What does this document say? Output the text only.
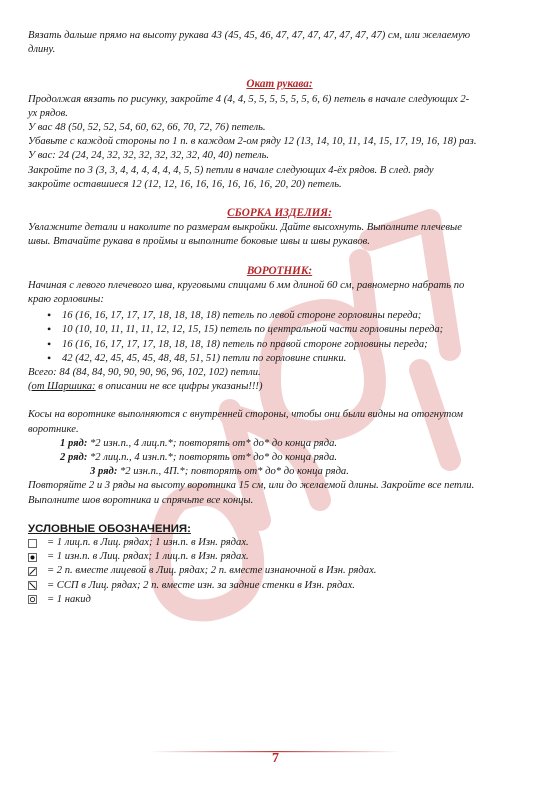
Вязать дальше прямо на высоту рукава 43 (45, 45, 46, 47, 47, 47, 47, 47, 47, 47) см, или желаемую

длину.

Окат рукава:

Продолжая вязать по рисунку, закройте 4 (4, 4, 5, 5, 5, 5, 5, 5, 6, 6) петель в начале следующих 2-

ух рядов.

У вас 48 (50, 52, 52, 54, 60, 62, 66, 70, 72, 76) петель.

Убавьте с каждой стороны по 1 п. в каждом 2-ом ряду 12 (13, 14, 10, 11, 14, 15, 17, 19, 16, 18) раз.

У вас: 24 (24, 24, 32, 32, 32, 32, 32, 32, 40, 40) петель.

Закройте по 3 (3, 3, 4, 4, 4, 4, 4, 4, 5, 5) петли в начале следующих 4-ёх рядов. В след. ряду

закройте оставшиеся 12 (12, 12, 16, 16, 16, 16, 16, 16, 20, 20) петель.

СБОРКА ИЗДЕЛИЯ:

Увлажните детали и наколите по размерам выкройки. Дайте высохнуть. Выполните плечевые

швы. Втачайте рукава в проймы и выполните боковые швы и швы рукавов.

ВОРОТНИК:

Начиная с левого плечевого шва, круговыми спицами 6 мм длиной 60 см, равномерно набрать по

краю горловины:

• 16 (16, 16, 17, 17, 17, 18, 18, 18, 18) петель по левой стороне горловины переда;
• 10 (10, 10, 11, 11, 11, 12, 12, 15, 15) петель по центральной части горловины переда;
• 16 (16, 16, 17, 17, 17, 18, 18, 18, 18) петель по правой стороне горловины переда;
• 42 (42, 42, 45, 45, 45, 48, 48, 51, 51) петли по горловине спинки.

Всего: 84 (84, 84, 90, 90, 90, 96, 96, 102, 102) петли.

(от Шаршика: в описании не все цифры указаны!!!)

Косы на воротнике выполняются с внутренней стороны, чтобы они были видны на отогнутом

воротнике.

1 ряд: *2 изн.п., 4 лиц.п.*; повторять от* до* до конца ряда.

2 ряд: *2 лиц.п., 4 изн.п.*; повторять от* до* до конца ряда.

3 ряд: *2 изн.п., 4П.*; повторять от* до* до конца ряда.

Повторяйте 2 и 3 ряды на высоту воротника 15 см, или до желаемой длины. Закройте все петли.

Выполните шов воротника и спрячьте все концы.

УСЛОВНЫЕ ОБОЗНАЧЕНИЯ:

= 1 лиц.п. в Лиц. рядах; 1 изн.п. в Изн. рядах.
= 1 изн.п. в Лиц. рядах; 1 лиц.п. в Изн. рядах.
= 2 п. вместе лицевой в Лиц. рядах; 2 п. вместе изнаночной в Изн. рядах.
= ССП в Лиц. рядах; 2 п. вместе изн. за задние стенки в Изн. рядах.
= 1 накид
7
